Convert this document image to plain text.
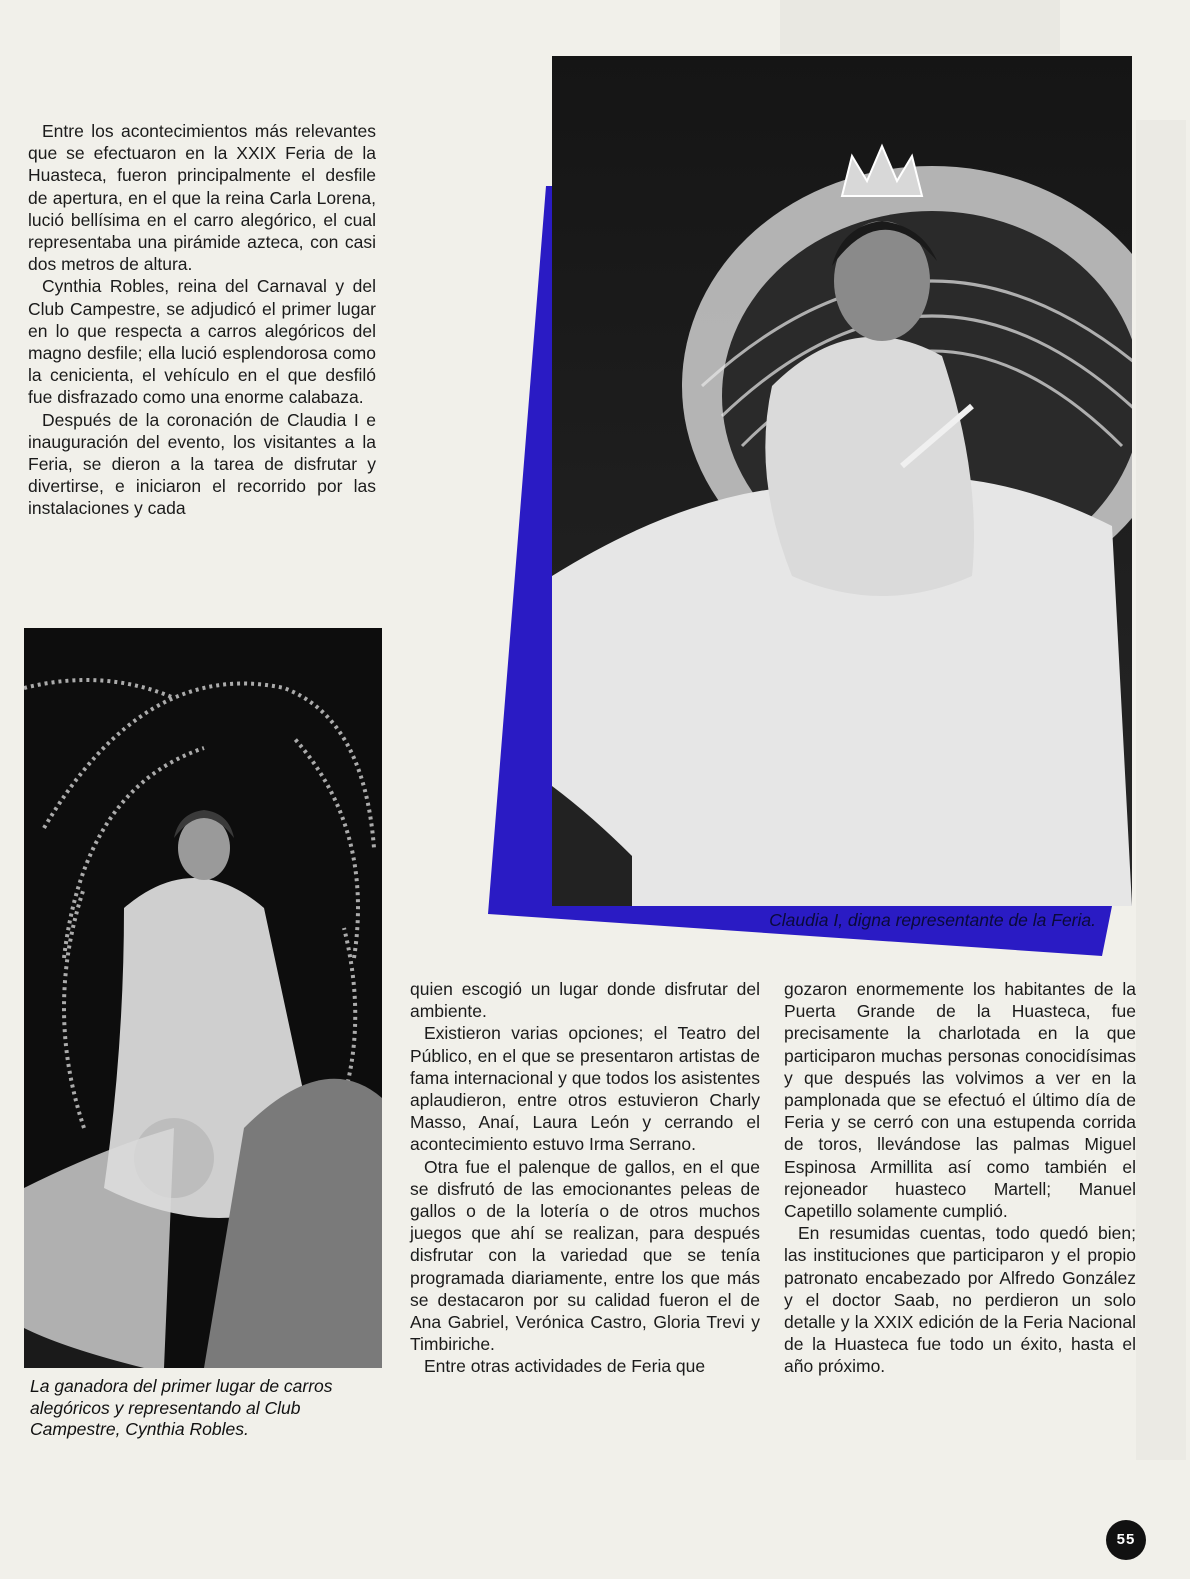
Entre los acontecimientos más relevantes que se efectuaron en la XXIX Feria de la Huasteca, fueron principalmente el desfile de apertura, en el que la reina Carla Lorena, lució bellísima en el carro alegórico, el cual representaba una pirámide azteca, con casi dos metros de altura.

Cynthia Robles, reina del Carnaval y del Club Campestre, se adjudicó el primer lugar en lo que respecta a carros alegóricos del magno desfile; ella lució esplendorosa como la cenicienta, el vehículo en el que desfiló fue disfrazado como una enorme calabaza.

Después de la coronación de Claudia I e inauguración del evento, los visitantes a la Feria, se dieron a la tarea de disfrutar y divertirse, e iniciaron el recorrido por las instalaciones y cada

quien escogió un lugar donde disfrutar del ambiente.

Existieron varias opciones; el Teatro del Público, en el que se presentaron artistas de fama internacional y que todos los asistentes aplaudieron, entre otros estuvieron Charly Masso, Anaí, Laura León y cerrando el acontecimiento estuvo Irma Serrano.

Otra fue el palenque de gallos, en el que se disfrutó de las emocionantes peleas de gallos o de la lotería o de otros muchos juegos que ahí se realizan, para después disfrutar con la variedad que se tenía programada diariamente, entre los que más se destacaron por su calidad fueron el de Ana Gabriel, Verónica Castro, Gloria Trevi y Timbiriche.

Entre otras actividades de Feria que

gozaron enormemente los habitantes de la Puerta Grande de la Huasteca, fue precisamente la charlotada en la que participaron muchas personas conocidísimas y que después las volvimos a ver en la pamplonada que se efectuó el último día de Feria y se cerró con una estupenda corrida de toros, llevándose las palmas Miguel Espinosa Armillita así como también el rejoneador huasteco Martell; Manuel Capetillo solamente cumplió.

En resumidas cuentas, todo quedó bien; las instituciones que participaron y el propio patronato encabezado por Alfredo González y el doctor Saab, no perdieron un solo detalle y la XXIX edición de la Feria Nacional de la Huasteca fue todo un éxito, hasta el año próximo.

Claudia I, digna representante de la Feria.
La ganadora del primer lugar de carros alegóricos y representando al Club Campestre, Cynthia Robles.
55
